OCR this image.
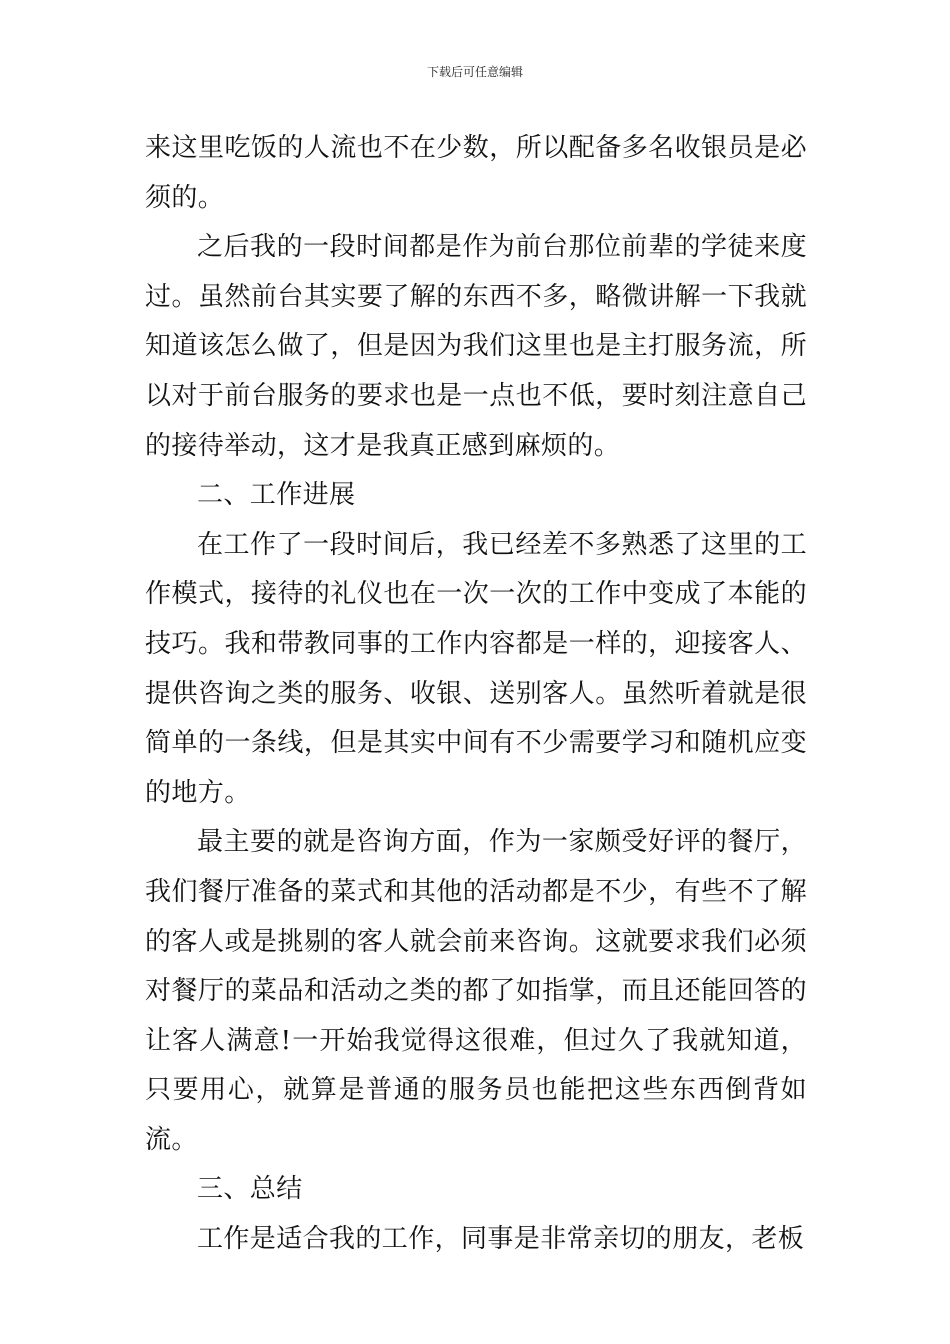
下载后可任意编辑

来这里吃饭的人流也不在少数，所以配备多名收银员是必须的。

之后我的一段时间都是作为前台那位前辈的学徒来度过。虽然前台其实要了解的东西不多，略微讲解一下我就知道该怎么做了，但是因为我们这里也是主打服务流，所以对于前台服务的要求也是一点也不低，要时刻注意自己的接待举动，这才是我真正感到麻烦的。

二、工作进展

在工作了一段时间后，我已经差不多熟悉了这里的工作模式，接待的礼仪也在一次一次的工作中变成了本能的技巧。我和带教同事的工作内容都是一样的，迎接客人、提供咨询之类的服务、收银、送别客人。虽然听着就是很简单的一条线，但是其实中间有不少需要学习和随机应变的地方。

最主要的就是咨询方面，作为一家颇受好评的餐厅，我们餐厅准备的菜式和其他的活动都是不少，有些不了解的客人或是挑剔的客人就会前来咨询。这就要求我们必须对餐厅的菜品和活动之类的都了如指掌，而且还能回答的让客人满意!一开始我觉得这很难，但过久了我就知道，只要用心，就算是普通的服务员也能把这些东西倒背如流。

三、总结

工作是适合我的工作，同事是非常亲切的朋友，老板
